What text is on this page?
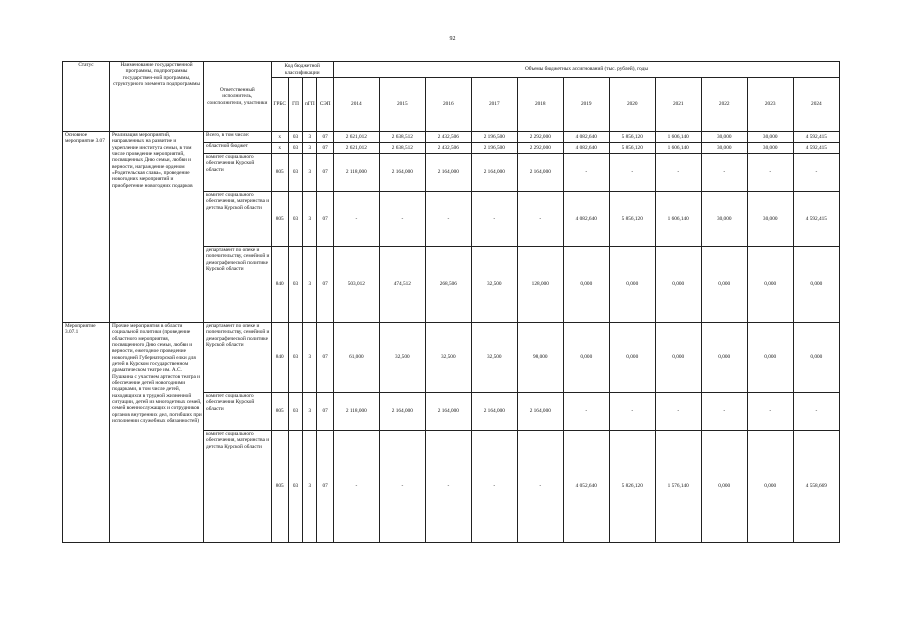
92
Статус	Наименование государственной программы, подпрограммы государствен-ной программы, структурного элемента подпрограммы	Ответственный исполнитель, соисполнители, участники	Код бюджетной классификации				Объемы бюджетных ассигнований (тыс. рублей), годы										
			ГРБС	ГП	пГП	СЭП	2014	2015	2016	2017	2018	2019	2020	2021	2022	2023	2024
Основное мероприятие 3.07	Реализация мероприятий, направленных на развитие и укрепление института семьи, в том числе проведение мероприятий, посвященных Дню семьи, любви и верности, награждение орденом «Родительская слава», проведение новогодних мероприятий и приобретение новогодних подарков	Всего, в том числе:	x	03	3	07	2 621,012	2 638,512	2 432,506	2 196,500	2 292,000	4 082,640	5 856,120	1 606,140	30,000	30,000	4 592,415
		областной бюджет	x	03	3	07	2 621,012	2 638,512	2 432,506	2 196,500	2 292,000	4 082,640	5 856,120	1 606,140	30,000	30,000	4 592,415
		комитет социального обеспечения Курской области	805	03	3	07	2 118,000	2 164,000	2 164,000	2 164,000	2 164,000	-	-	-	-	-	-
		комитет социального обеспечения, материнства и детства Курской области	805	03	3	07	-	-	-	-	-	4 082,640	5 856,120	1 606,140	30,000	30,000	4 592,415
		департамент по опеке и попечительству, семейной и демографической политике Курской области	840	03	3	07	503,012	474,512	268,506	32,500	128,000	0,000	0,000	0,000	0,000	0,000	0,000
Мероприятие 3.07.1	Прочие мероприятия в области социальной политики (проведение областного мероприятия, посвященного Дню семьи, любви и верности, ежегодное проведение новогодней Губернаторской елки для детей в Курском государственном драматическом театре им. А.С. Пушкина с участием артистов театра и обеспечение детей новогодними подарками, в том числе детей, находящихся в трудной жизненной ситуации, детей из многодетных семей, семей военнослужащих и сотрудников органов внутренних дел, погибших при исполнении служебных обязанностей)	департамент по опеке и попечительству, семейной и демографической политике Курской области	840	03	3	07	61,000	32,500	32,500	32,500	98,000	0,000	0,000	0,000	0,000	0,000	0,000
		комитет социального обеспечения Курской области	805	03	3	07	2 118,000	2 164,000	2 164,000	2 164,000	2 164,000	-	-	-	-	-	-
		комитет социального обеспечения, материнства и детства Курской области	805	03	3	07	-	-	-	-	-	4 052,640	5 826,120	1 576,140	0,000	0,000	4 558,669
